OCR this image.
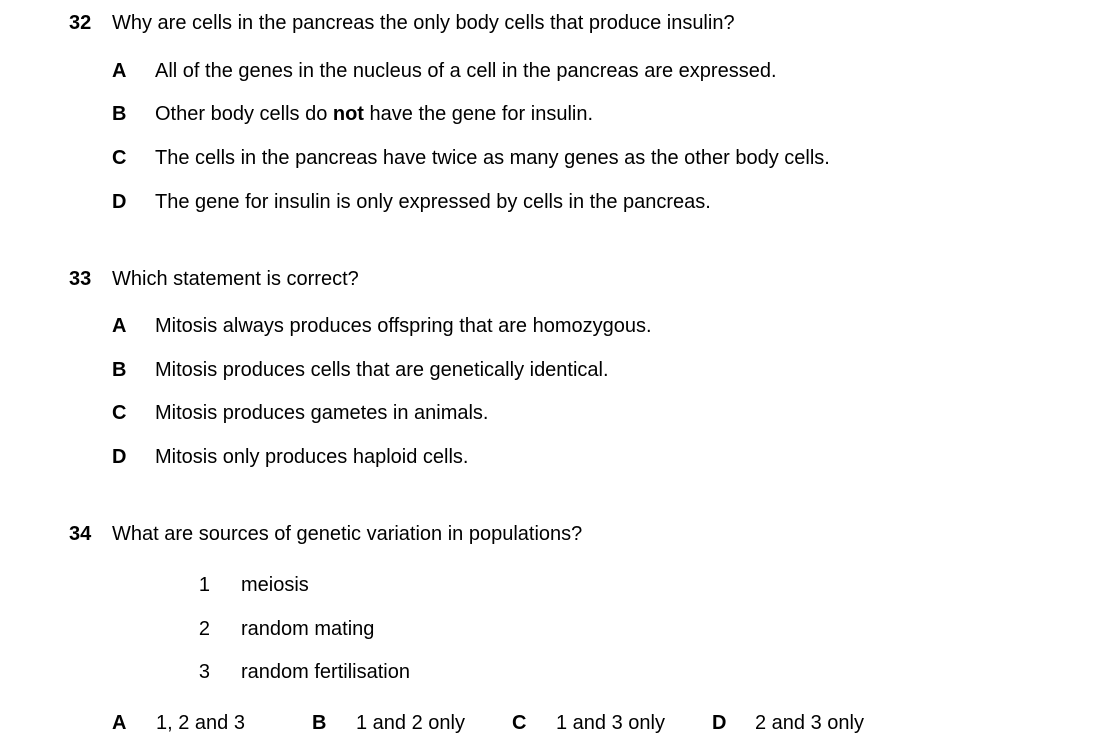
32 Why are cells in the pancreas the only body cells that produce insulin?
A All of the genes in the nucleus of a cell in the pancreas are expressed.
B Other body cells do not have the gene for insulin.
C The cells in the pancreas have twice as many genes as the other body cells.
D The gene for insulin is only expressed by cells in the pancreas.
33 Which statement is correct?
A Mitosis always produces offspring that are homozygous.
B Mitosis produces cells that are genetically identical.
C Mitosis produces gametes in animals.
D Mitosis only produces haploid cells.
34 What are sources of genetic variation in populations?
1 meiosis
2 random mating
3 random fertilisation
A 1, 2 and 3	B 1 and 2 only C 1 and 3 only D 2 and 3 only
